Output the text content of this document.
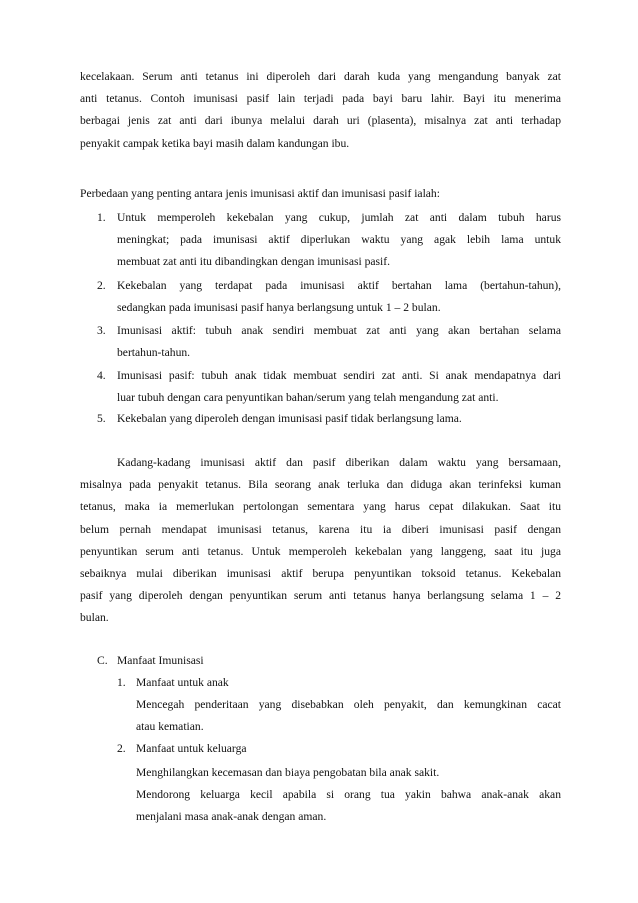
kecelakaan. Serum anti tetanus ini diperoleh dari darah kuda yang mengandung banyak zat
anti tetanus. Contoh imunisasi pasif lain terjadi pada bayi baru lahir. Bayi itu menerima
berbagai jenis zat anti dari ibunya melalui darah uri (plasenta), misalnya zat anti terhadap
penyakit campak ketika bayi masih dalam kandungan ibu.
Perbedaan yang penting antara jenis imunisasi aktif dan imunisasi pasif ialah:
1. Untuk memperoleh kekebalan yang cukup, jumlah zat anti dalam tubuh harus
meningkat; pada imunisasi aktif diperlukan waktu yang agak lebih lama untuk
membuat zat anti itu dibandingkan dengan imunisasi pasif.
2. Kekebalan yang terdapat pada imunisasi aktif bertahan lama (bertahun-tahun),
sedangkan pada imunisasi pasif hanya berlangsung untuk 1 – 2 bulan.
3. Imunisasi aktif: tubuh anak sendiri membuat zat anti yang akan bertahan selama
bertahun-tahun.
4. Imunisasi pasif: tubuh anak tidak membuat sendiri zat anti. Si anak mendapatnya dari
luar tubuh dengan cara penyuntikan bahan/serum yang telah mengandung zat anti.
5. Kekebalan yang diperoleh dengan imunisasi pasif tidak berlangsung lama.
Kadang-kadang imunisasi aktif dan pasif diberikan dalam waktu yang bersamaan,
misalnya pada penyakit tetanus. Bila seorang anak terluka dan diduga akan terinfeksi kuman
tetanus, maka ia memerlukan pertolongan sementara yang harus cepat dilakukan. Saat itu
belum pernah mendapat imunisasi tetanus, karena itu ia diberi imunisasi pasif dengan
penyuntikan serum anti tetanus. Untuk memperoleh kekebalan yang langgeng, saat itu juga
sebaiknya mulai diberikan imunisasi aktif berupa penyuntikan toksoid tetanus. Kekebalan
pasif yang diperoleh dengan penyuntikan serum anti tetanus hanya berlangsung selama 1 – 2
bulan.
C. Manfaat Imunisasi
1. Manfaat untuk anak
Mencegah penderitaan yang disebabkan oleh penyakit, dan kemungkinan cacat
atau kematian.
2. Manfaat untuk keluarga
Menghilangkan kecemasan dan biaya pengobatan bila anak sakit.
Mendorong keluarga kecil apabila si orang tua yakin bahwa anak-anak akan
menjalani masa anak-anak dengan aman.
